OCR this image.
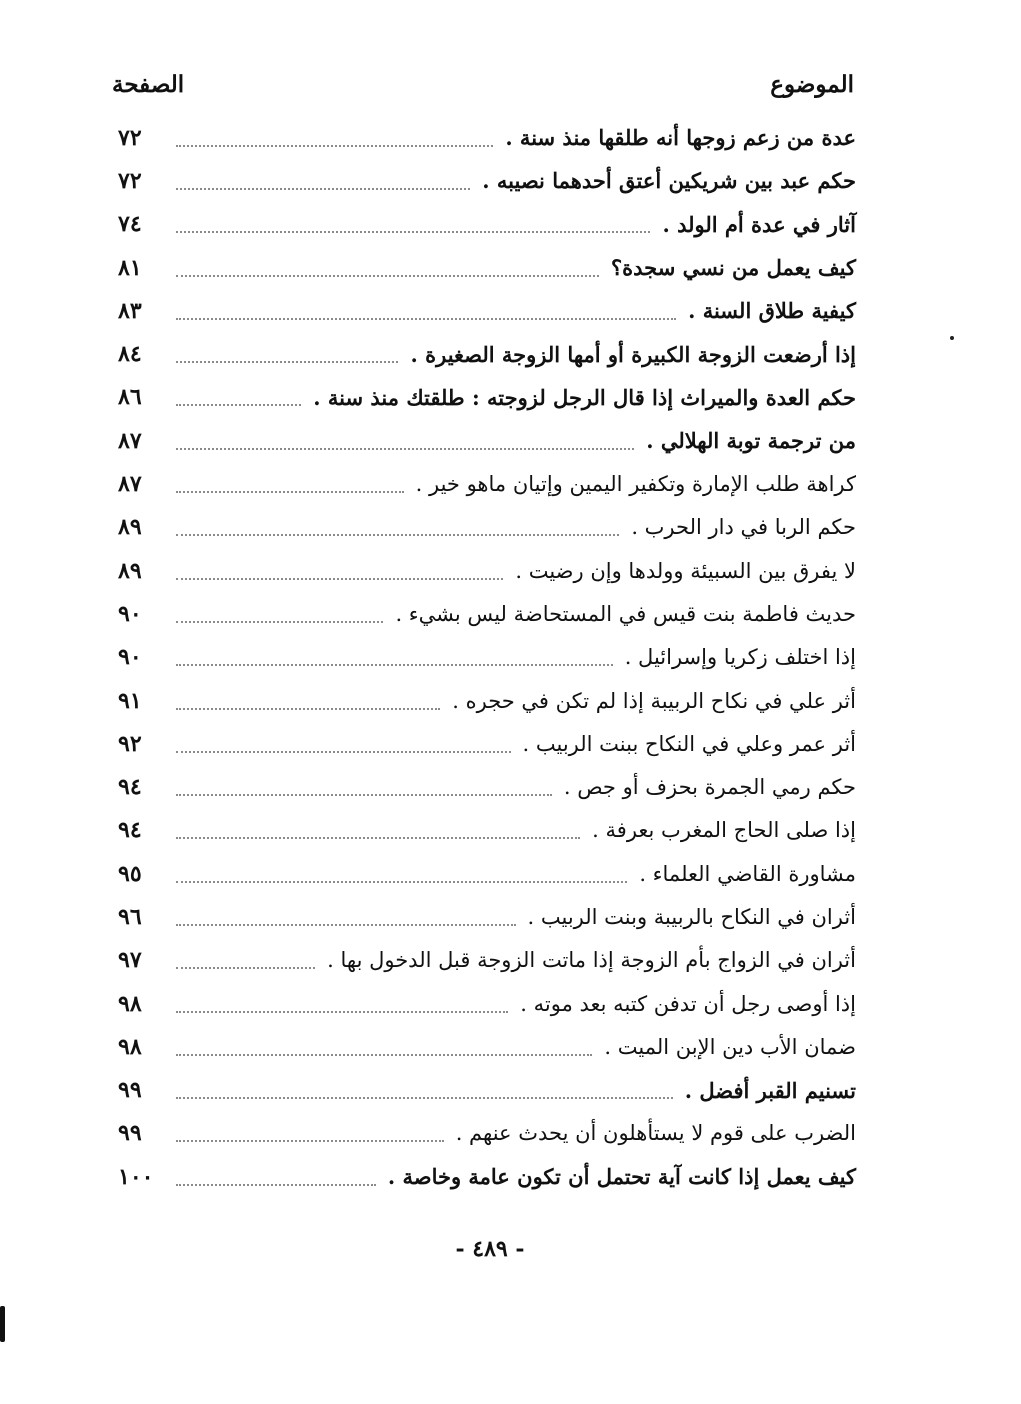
الموضوع
الصفحة
عدة من زعم زوجها أنه طلقها منذ سنة .
٧٢
حكم عبد بين شريكين أعتق أحدهما نصيبه .
٧٢
آثار في عدة أم الولد .
٧٤
كيف يعمل من نسي سجدة؟
٨١
كيفية طلاق السنة .
٨٣
إذا أرضعت الزوجة الكبيرة أو أمها الزوجة الصغيرة .
٨٤
حكم العدة والميراث إذا قال الرجل لزوجته : طلقتك منذ سنة .
٨٦
من ترجمة توبة الهلالي .
٨٧
كراهة طلب الإمارة وتكفير اليمين وإتيان ماهو خير .
٨٧
حكم الربا في دار الحرب .
٨٩
لا يفرق بين السبيئة وولدها وإن رضيت .
٨٩
حديث فاطمة بنت قيس في المستحاضة ليس بشيء .
٩٠
إذا اختلف زكريا وإسرائيل .
٩٠
أثر علي في نكاح الربيبة إذا لم تكن في حجره .
٩١
أثر عمر وعلي في النكاح ببنت الربيب .
٩٢
حكم رمي الجمرة بحزف أو جص .
٩٤
إذا صلى الحاج المغرب بعرفة .
٩٤
مشاورة القاضي العلماء .
٩٥
أثران في النكاح بالربيبة وبنت الربيب .
٩٦
أثران في الزواج بأم الزوجة إذا ماتت الزوجة قبل الدخول بها .
٩٧
إذا أوصى رجل أن تدفن كتبه بعد موته .
٩٨
ضمان الأب دين الإبن الميت .
٩٨
تسنيم القبر أفضل .
٩٩
الضرب على قوم لا يستأهلون أن يحدث عنهم .
٩٩
كيف يعمل إذا كانت آية تحتمل أن تكون عامة وخاصة .
١٠٠
- ٤٨٩ -
